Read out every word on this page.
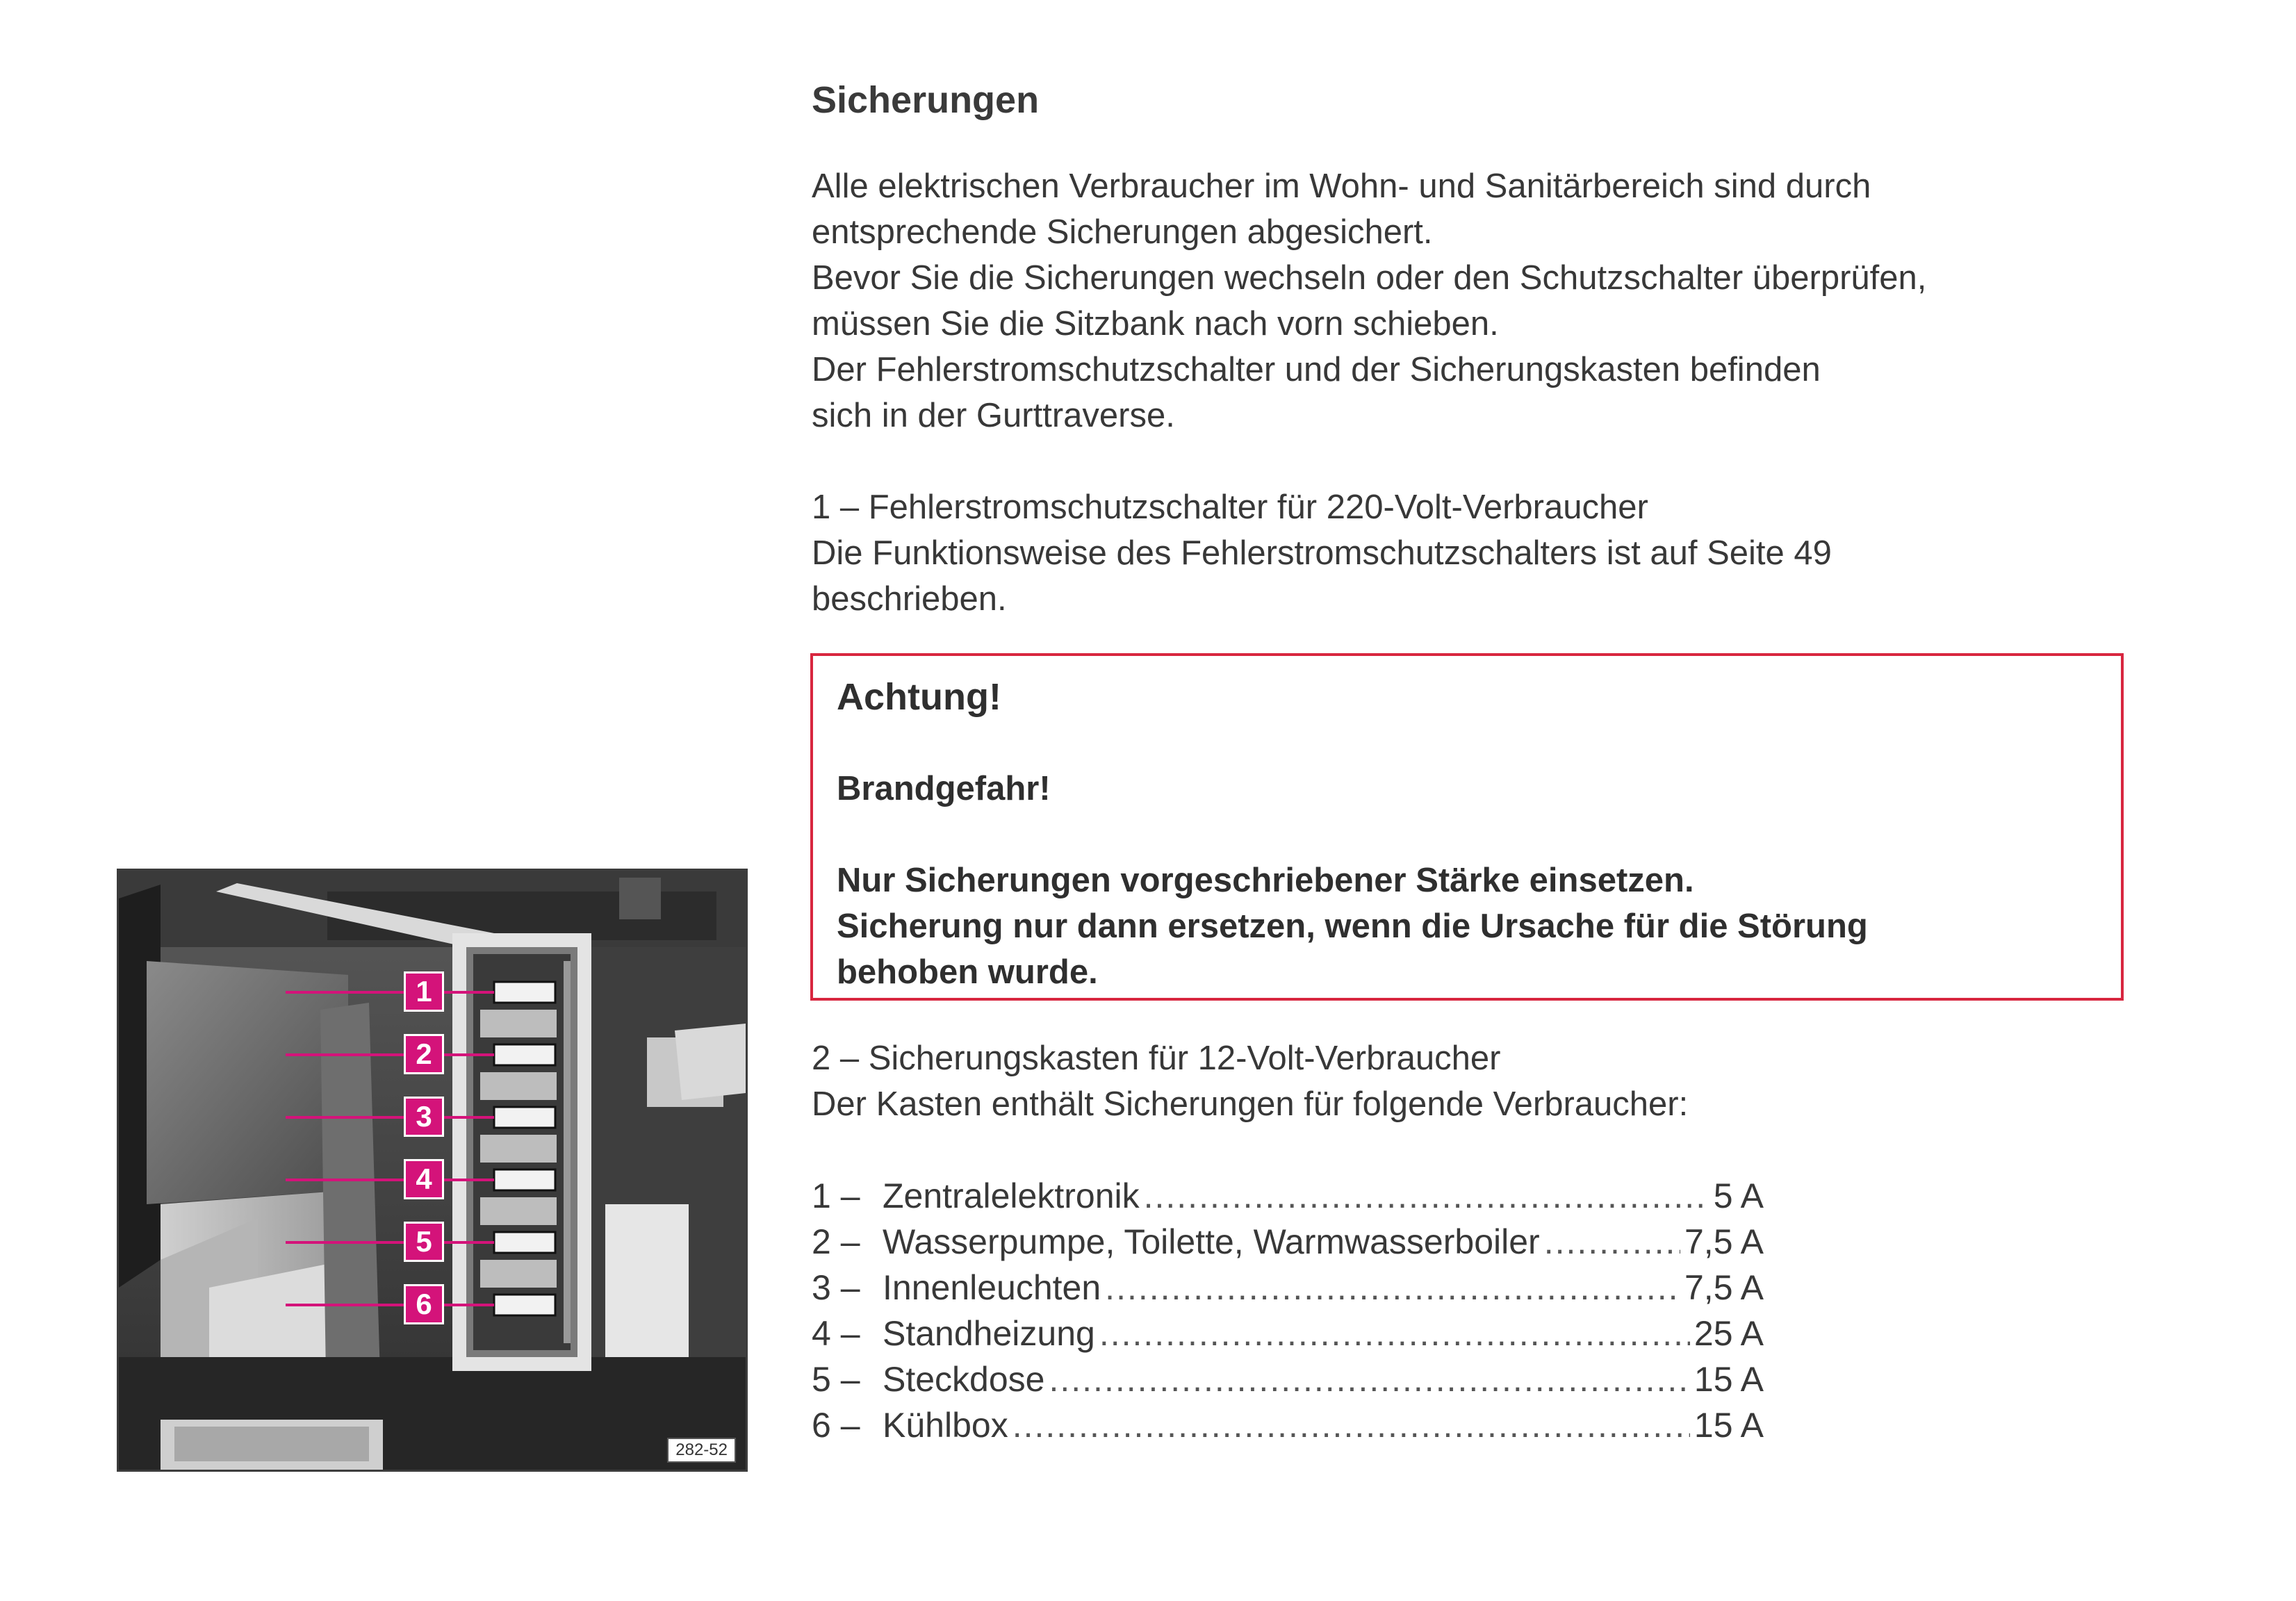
1
2
3
4
5
6
282-52
Sicherungen

Alle elektrischen Verbraucher im Wohn- und Sanitärbereich sind durch
entsprechende Sicherungen abgesichert.
Bevor Sie die Sicherungen wechseln oder den Schutzschalter überprüfen,
müssen Sie die Sitzbank nach vorn schieben.
Der Fehlerstromschutzschalter und der Sicherungskasten befinden
sich in der Gurttraverse.

1 – Fehlerstromschutzschalter für 220-Volt-Verbraucher
Die Funktionsweise des Fehlerstromschutzschalters ist auf Seite 49
beschrieben.

Achtung!
Brandgefahr!
Nur Sicherungen vorgeschriebener Stärke einsetzen.
Sicherung nur dann ersetzen, wenn die Ursache für die Störung
behoben wurde.

2 – Sicherungskasten für 12-Volt-Verbraucher
Der Kasten enthält Sicherungen für folgende Verbraucher:

1 – Zentralelektronik .....	5 A
2 – Wasserpumpe, Toilette, Warmwasserboiler .....	7,5 A
3 – Innenleuchten .....	7,5 A
4 – Standheizung .....	25 A
5 – Steckdose .....	15 A
6 – Kühlbox .....	15 A
